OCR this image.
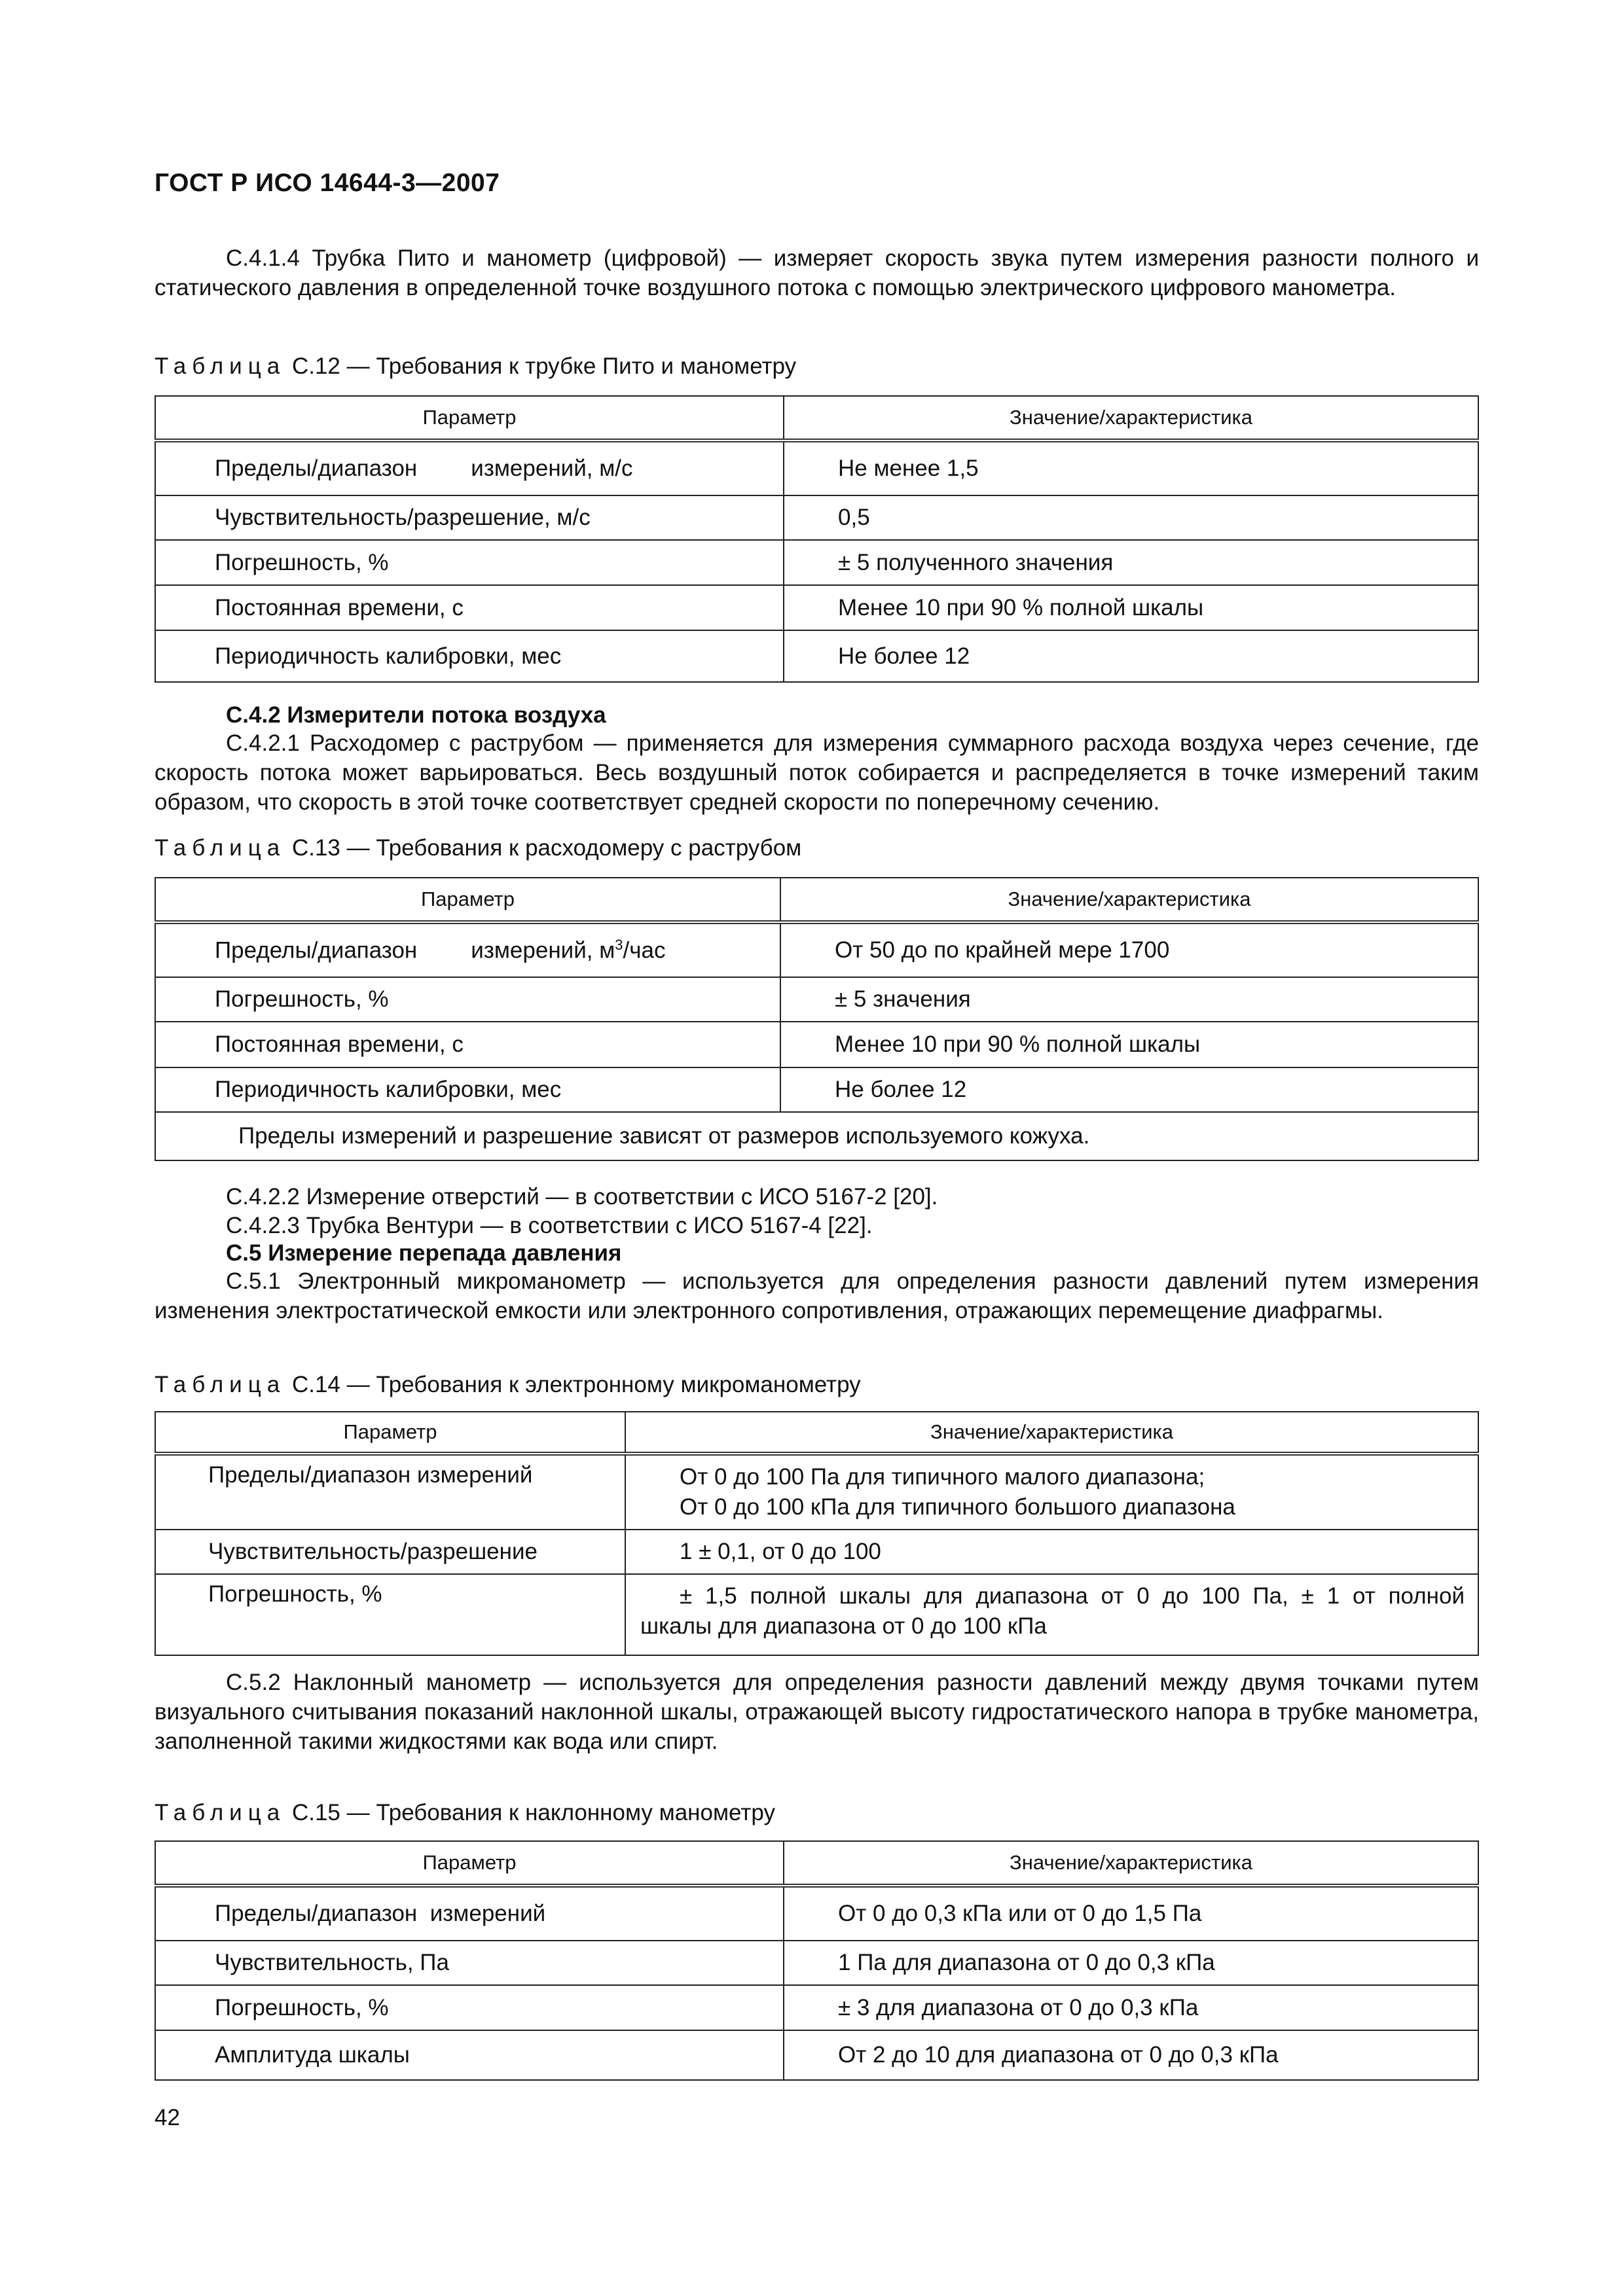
ГОСТ Р ИСО 14644-3—2007

С.4.1.4 Трубка Пито и манометр (цифровой) — измеряет скорость звука путем измерения разности полного и статического давления в определенной точке воздушного потока с помощью электрического цифрового манометра.

Таблица С.12 — Требования к трубке Пито и манометру
Параметр	Значение/характеристика

Пределы/диапазон измерений, м/с	Не менее 1,5

Чувствительность/разрешение, м/с	0,5

Погрешность, %	± 5 полученного значения

Постоянная времени, с	Менее 10 при 90 % полной шкалы

Периодичность калибровки, мес	Не более 12
С.4.2 Измерители потока воздуха

С.4.2.1 Расходомер с раструбом — применяется для измерения суммарного расхода воздуха через сечение, где скорость потока может варьироваться. Весь воздушный поток собирается и распределяется в точке измерений таким образом, что скорость в этой точке соответствует средней скорости по поперечному сечению.

Таблица С.13 — Требования к расходомеру с раструбом
Параметр	Значение/характеристика

Пределы/диапазон измерений, $м^3$/час	От 50 до по крайней мере 1700

Погрешность, %	± 5 значения

Постоянная времени, с	Менее 10 при 90 % полной шкалы

Периодичность калибровки, мес	Не более 12

Пределы измерений и разрешение зависят от размеров используемого кожуха.	
С.4.2.2 Измерение отверстий — в соответствии с ИСО 5167-2 [20].
С.4.2.3 Трубка Вентури — в соответствии с ИСО 5167-4 [22].
С.5 Измерение перепада давления

С.5.1 Электронный микроманометр — используется для определения разности давлений путем измерения изменения электростатической емкости или электронного сопротивления, отражающих перемещение диафрагмы.

Таблица С.14 — Требования к электронному микроманометру
Параметр	Значение/характеристика

Пределы/диапазон измерений	От 0 до 100 Па для типичного малого диапазона;
От 0 до 100 кПа для типичного большого диапазона

Чувствительность/разрешение	1 ± 0,1, от 0 до 100

Погрешность, %	± 1,5 полной шкалы для диапазона от 0 до 100 Па, ± 1 от полной
шкалы для диапазона от 0 до 100 кПа

С.5.2 Наклонный манометр — используется для определения разности давлений между двумя точками путем визуального считывания показаний наклонной шкалы, отражающей высоту гидростатического напора в трубке манометра, заполненной такими жидкостями как вода или спирт.

Таблица С.15 — Требования к наклонному манометру
Параметр	Значение/характеристика

Пределы/диапазон  измерений	От 0 до 0,3 кПа или от 0 до 1,5 Па

Чувствительность, Па	1 Па для диапазона от 0 до 0,3 кПа

Погрешность, %	± 3 для диапазона от 0 до 0,3 кПа

Амплитуда шкалы	От 2 до 10 для диапазона от 0 до 0,3 кПа
42
